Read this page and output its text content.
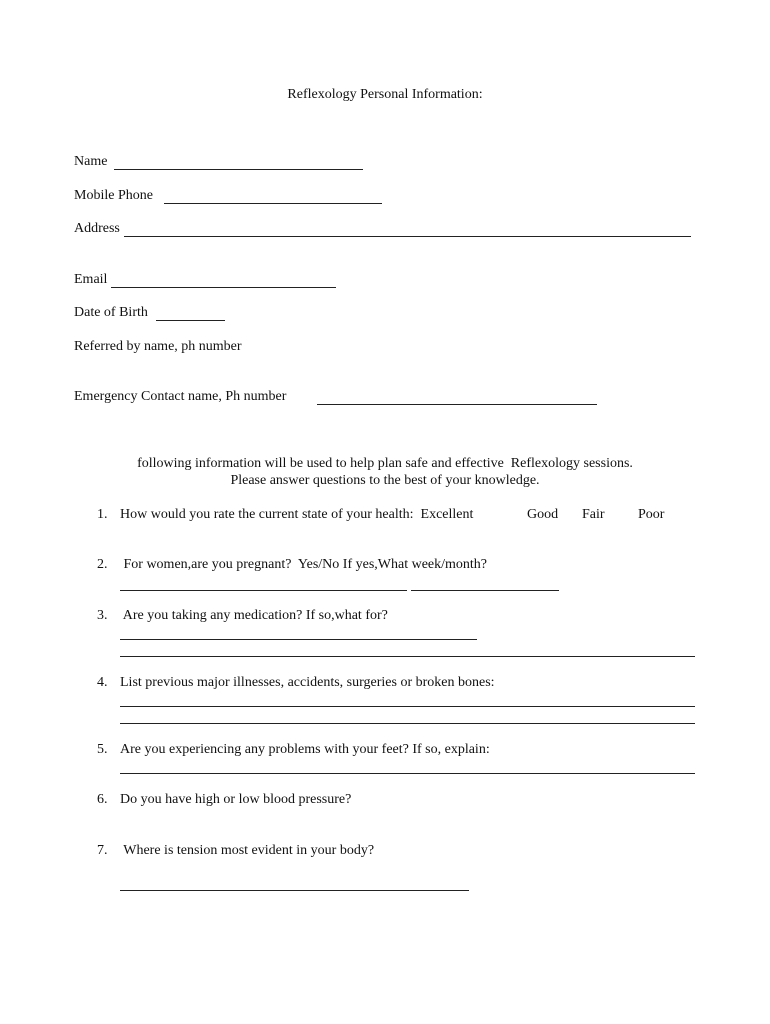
Reflexology Personal Information:
Name
Mobile Phone
Address
Email
Date of Birth
Referred by name, ph number
Emergency Contact name, Ph number
following information will be used to help plan safe and effective  Reflexology sessions.
Please answer questions to the best of your knowledge.
1. How would you rate the current state of your health:  Excellent	Good Fair Poor
2. For women,are you pregnant?  Yes/No If yes,What week/month?
3. Are you taking any medication? If so,what for?
4. List previous major illnesses, accidents, surgeries or broken bones:
5. Are you experiencing any problems with your feet? If so, explain:
6. Do you have high or low blood pressure?
7. Where is tension most evident in your body?
